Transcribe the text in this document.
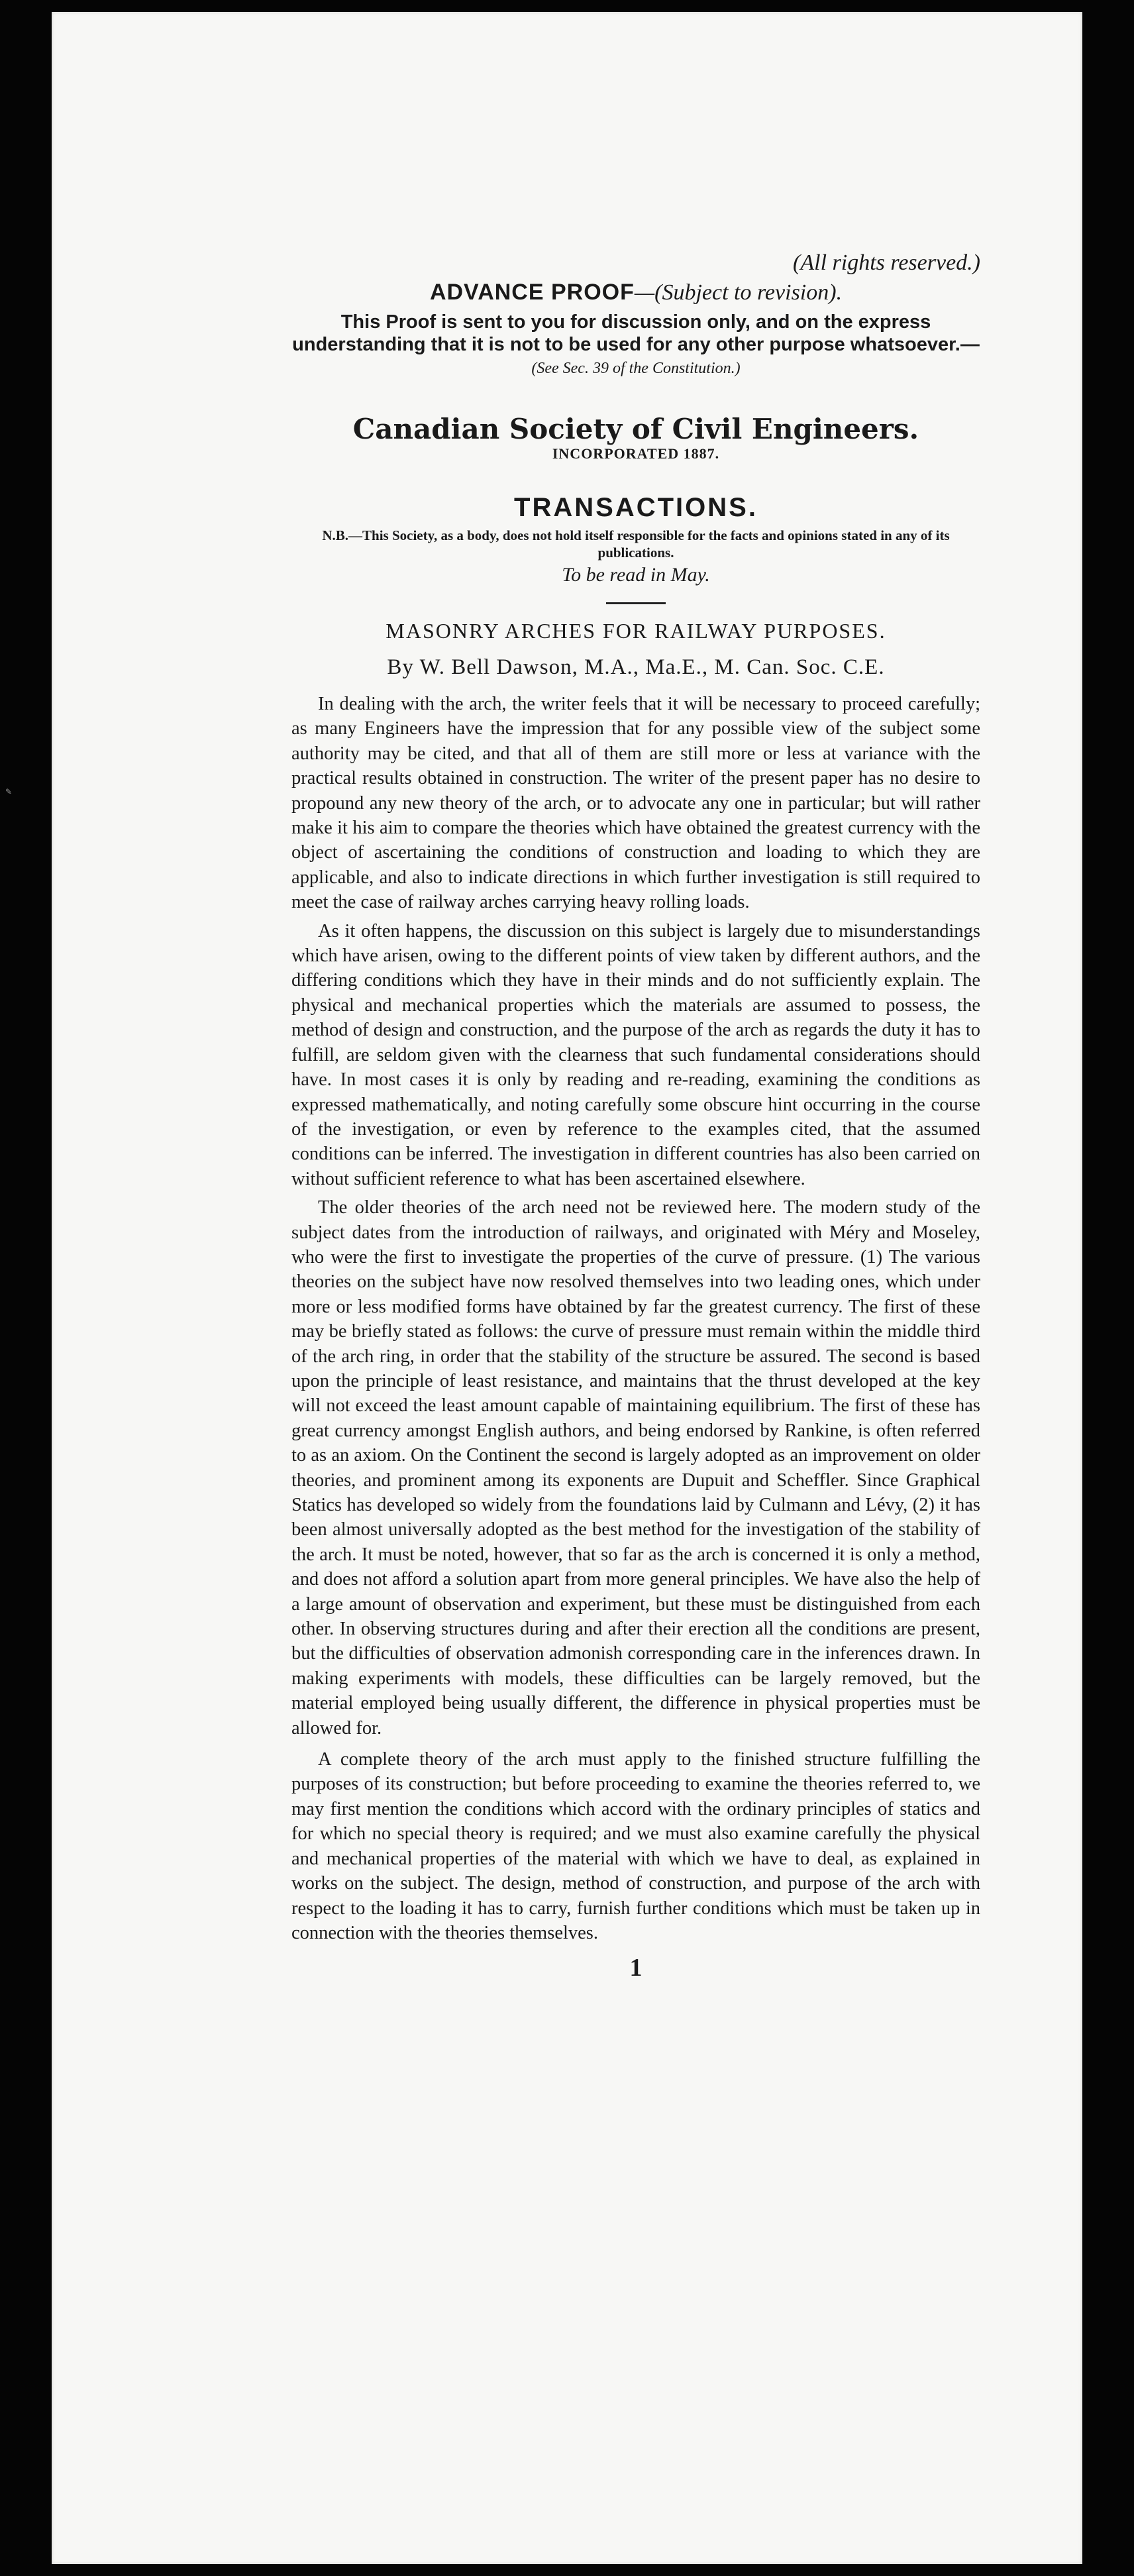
✎
(All rights reserved.)
ADVANCE PROOF—(Subject to revision).
This Proof is sent to you for discussion only, and on the express understanding that it is not to be used for any other purpose whatsoever.—(See Sec. 39 of the Constitution.)
Canadian Society of Civil Engineers.
INCORPORATED 1887.
TRANSACTIONS.
N.B.—This Society, as a body, does not hold itself responsible for the facts and opinions stated in any of its publications.
To be read in May.
MASONRY ARCHES FOR RAILWAY PURPOSES.
By W. Bell Dawson, M.A., Ma.E., M. Can. Soc. C.E.

In dealing with the arch, the writer feels that it will be necessary to proceed carefully; as many Engineers have the impression that for any possible view of the subject some authority may be cited, and that all of them are still more or less at variance with the practical results obtained in construction. The writer of the present paper has no desire to propound any new theory of the arch, or to advocate any one in particular; but will rather make it his aim to compare the theories which have obtained the greatest currency with the object of ascertaining the conditions of construction and loading to which they are applicable, and also to indicate directions in which further investigation is still required to meet the case of railway arches carrying heavy rolling loads.

As it often happens, the discussion on this subject is largely due to misunderstandings which have arisen, owing to the different points of view taken by different authors, and the differing conditions which they have in their minds and do not sufficiently explain. The physical and mechanical properties which the materials are assumed to possess, the method of design and construction, and the purpose of the arch as regards the duty it has to fulfill, are seldom given with the clearness that such fundamental considerations should have. In most cases it is only by reading and re-reading, examining the conditions as expressed mathematically, and noting carefully some obscure hint occurring in the course of the investigation, or even by reference to the examples cited, that the assumed conditions can be inferred. The investigation in different countries has also been carried on without sufficient reference to what has been ascertained elsewhere.

The older theories of the arch need not be reviewed here. The modern study of the subject dates from the introduction of railways, and originated with Méry and Moseley, who were the first to investigate the properties of the curve of pressure. (1) The various theories on the subject have now resolved themselves into two leading ones, which under more or less modified forms have obtained by far the greatest currency. The first of these may be briefly stated as follows: the curve of pressure must remain within the middle third of the arch ring, in order that the stability of the structure be assured. The second is based upon the principle of least resistance, and maintains that the thrust developed at the key will not exceed the least amount capable of maintaining equilibrium. The first of these has great currency amongst English authors, and being endorsed by Rankine, is often referred to as an axiom. On the Continent the second is largely adopted as an improvement on older theories, and prominent among its exponents are Dupuit and Scheffler. Since Graphical Statics has developed so widely from the foundations laid by Culmann and Lévy, (2) it has been almost universally adopted as the best method for the investigation of the stability of the arch. It must be noted, however, that so far as the arch is concerned it is only a method, and does not afford a solution apart from more general principles. We have also the help of a large amount of observation and experiment, but these must be distinguished from each other. In observing structures during and after their erection all the conditions are present, but the difficulties of observation admonish corresponding care in the inferences drawn. In making experiments with models, these difficulties can be largely removed, but the material employed being usually different, the difference in physical properties must be allowed for.

A complete theory of the arch must apply to the finished structure fulfilling the purposes of its construction; but before proceeding to examine the theories referred to, we may first mention the conditions which accord with the ordinary principles of statics and for which no special theory is required; and we must also examine carefully the physical and mechanical properties of the material with which we have to deal, as explained in works on the subject. The design, method of construction, and purpose of the arch with respect to the loading it has to carry, furnish further conditions which must be taken up in connection with the theories themselves.

1
